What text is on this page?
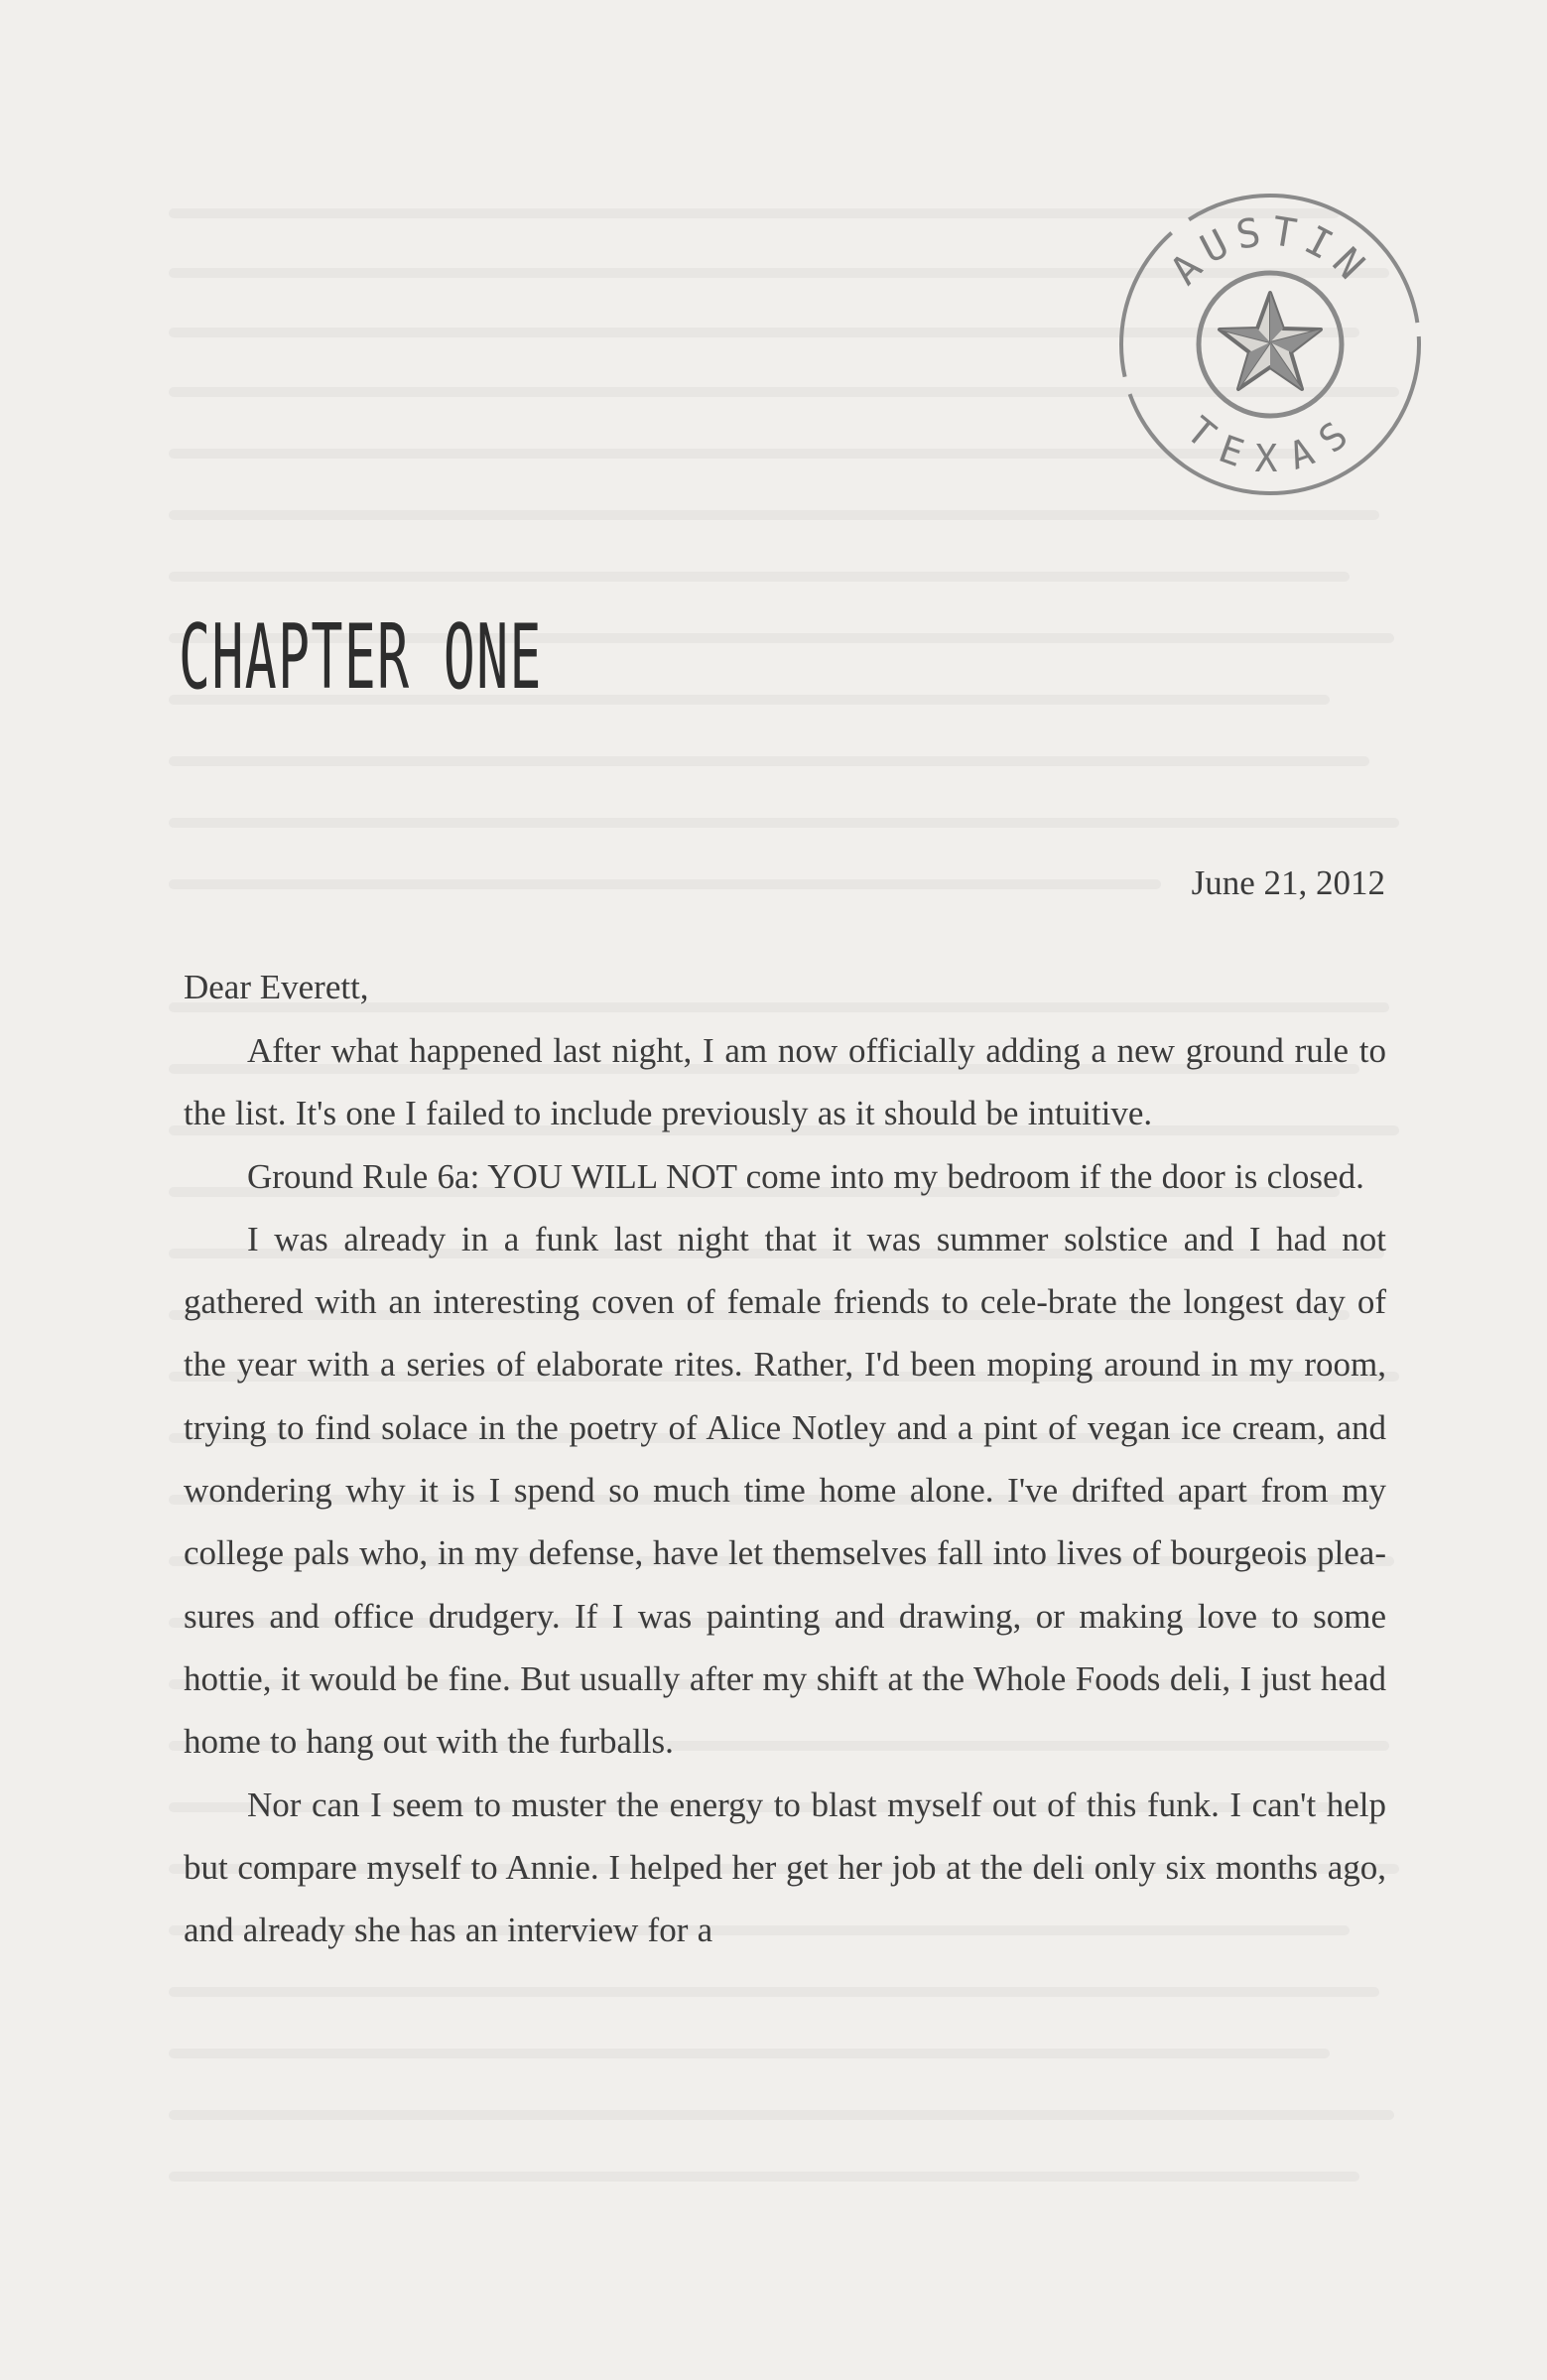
AUSTIN
TEXAS
CHAPTER ONE
June 21, 2012
Dear Everett,

After what happened last night, I am now officially adding a new ground rule to the list. It's one I failed to include previously as it should be intuitive.

Ground Rule 6a: YOU WILL NOT come into my bedroom if the door is closed.

I was already in a funk last night that it was summer solstice and I had not gathered with an interesting coven of female friends to cele-brate the longest day of the year with a series of elaborate rites. Rather, I'd been moping around in my room, trying to find solace in the poetry of Alice Notley and a pint of vegan ice cream, and wondering why it is I spend so much time home alone. I've drifted apart from my college pals who, in my defense, have let themselves fall into lives of bourgeois plea-sures and office drudgery. If I was painting and drawing, or making love to some hottie, it would be fine. But usually after my shift at the Whole Foods deli, I just head home to hang out with the furballs.

Nor can I seem to muster the energy to blast myself out of this funk. I can't help but compare myself to Annie. I helped her get her job at the deli only six months ago, and already she has an interview for a
